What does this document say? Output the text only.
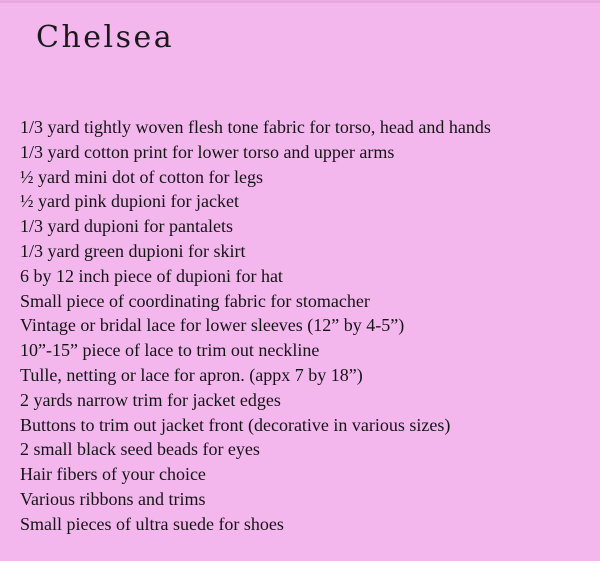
Chelsea
1/3 yard tightly woven flesh tone fabric for torso, head and hands
1/3 yard cotton print for lower torso and upper arms
½ yard mini dot of cotton for legs
½ yard pink dupioni for jacket
1/3 yard dupioni for pantalets
1/3 yard green dupioni for skirt
6 by 12 inch piece of dupioni for hat
Small piece of coordinating fabric for stomacher
Vintage or bridal lace for lower sleeves (12” by 4-5”)
10”-15” piece of lace to trim out neckline
Tulle, netting or lace for apron. (appx 7 by 18”)
2 yards narrow trim for jacket edges
Buttons to trim out jacket front (decorative in various sizes)
2 small black seed beads for eyes
Hair fibers of your choice
Various ribbons and trims
Small pieces of ultra suede for shoes
